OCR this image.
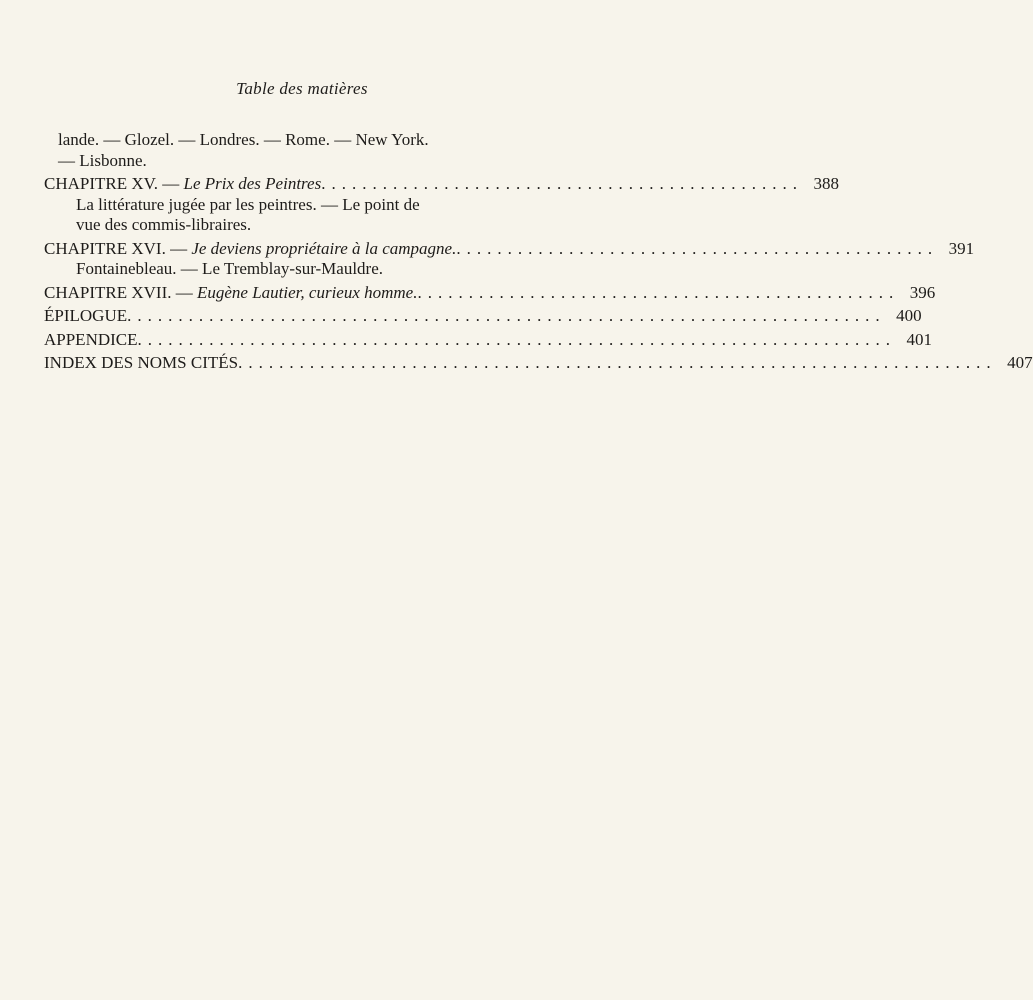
Table des matières
lande. — Glozel. — Londres. — Rome. — New York.
— Lisbonne.
CHAPITRE XV. — Le Prix des Peintres............................................... 388
La littérature jugée par les peintres. — Le point de
vue des commis-libraires.
CHAPITRE XVI. — Je deviens propriétaire à la campagne................................................ 391
Fontainebleau. — Le Tremblay-sur-Mauldre.
CHAPITRE XVII. — Eugène Lautier, curieux homme................................................ 396
ÉPILOGUE.......................................................................... 400
APPENDICE.......................................................................... 401
INDEX DES NOMS CITÉS.......................................................................... 407
